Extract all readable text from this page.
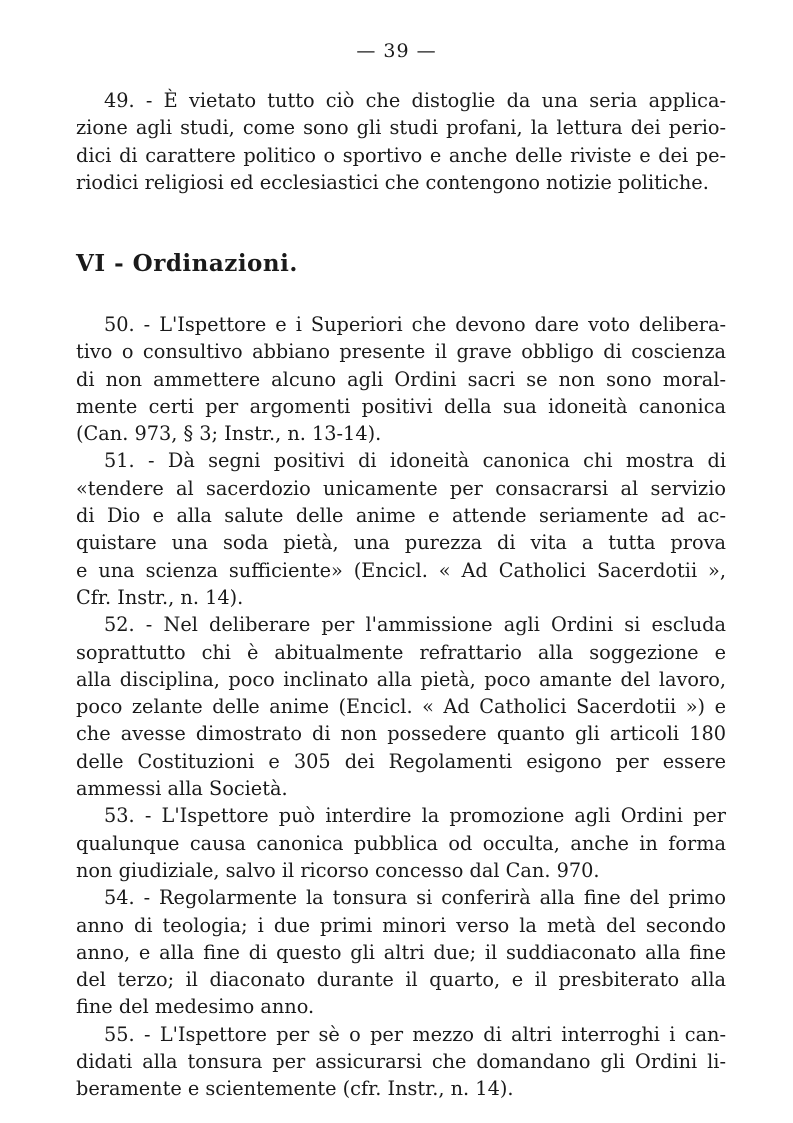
— 39 —
49. - È vietato tutto ciò che distoglie da una seria applica-
zione agli studi, come sono gli studi profani, la lettura dei perio-
dici di carattere politico o sportivo e anche delle riviste e dei pe-
riodici religiosi ed ecclesiastici che contengono notizie politiche.
VI - Ordinazioni.
50. - L'Ispettore e i Superiori che devono dare voto delibera-
tivo o consultivo abbiano presente il grave obbligo di coscienza
di non ammettere alcuno agli Ordini sacri se non sono moral-
mente certi per argomenti positivi della sua idoneità canonica
(Can. 973, § 3; Instr., n. 13-14).
51. - Dà segni positivi di idoneità canonica chi mostra di
«tendere al sacerdozio unicamente per consacrarsi al servizio
di Dio e alla salute delle anime e attende seriamente ad ac-
quistare una soda pietà, una purezza di vita a tutta prova
e una scienza sufficiente» (Encicl. « Ad Catholici Sacerdotii »,
Cfr. Instr., n. 14).
52. - Nel deliberare per l'ammissione agli Ordini si escluda
soprattutto chi è abitualmente refrattario alla soggezione e
alla disciplina, poco inclinato alla pietà, poco amante del lavoro,
poco zelante delle anime (Encicl. « Ad Catholici Sacerdotii ») e
che avesse dimostrato di non possedere quanto gli articoli 180
delle Costituzioni e 305 dei Regolamenti esigono per essere
ammessi alla Società.
53. - L'Ispettore può interdire la promozione agli Ordini per
qualunque causa canonica pubblica od occulta, anche in forma
non giudiziale, salvo il ricorso concesso dal Can. 970.
54. - Regolarmente la tonsura si conferirà alla fine del primo
anno di teologia; i due primi minori verso la metà del secondo
anno, e alla fine di questo gli altri due; il suddiaconato alla fine
del terzo; il diaconato durante il quarto, e il presbiterato alla
fine del medesimo anno.
55. - L'Ispettore per sè o per mezzo di altri interroghi i can-
didati alla tonsura per assicurarsi che domandano gli Ordini li-
beramente e scientemente (cfr. Instr., n. 14).
